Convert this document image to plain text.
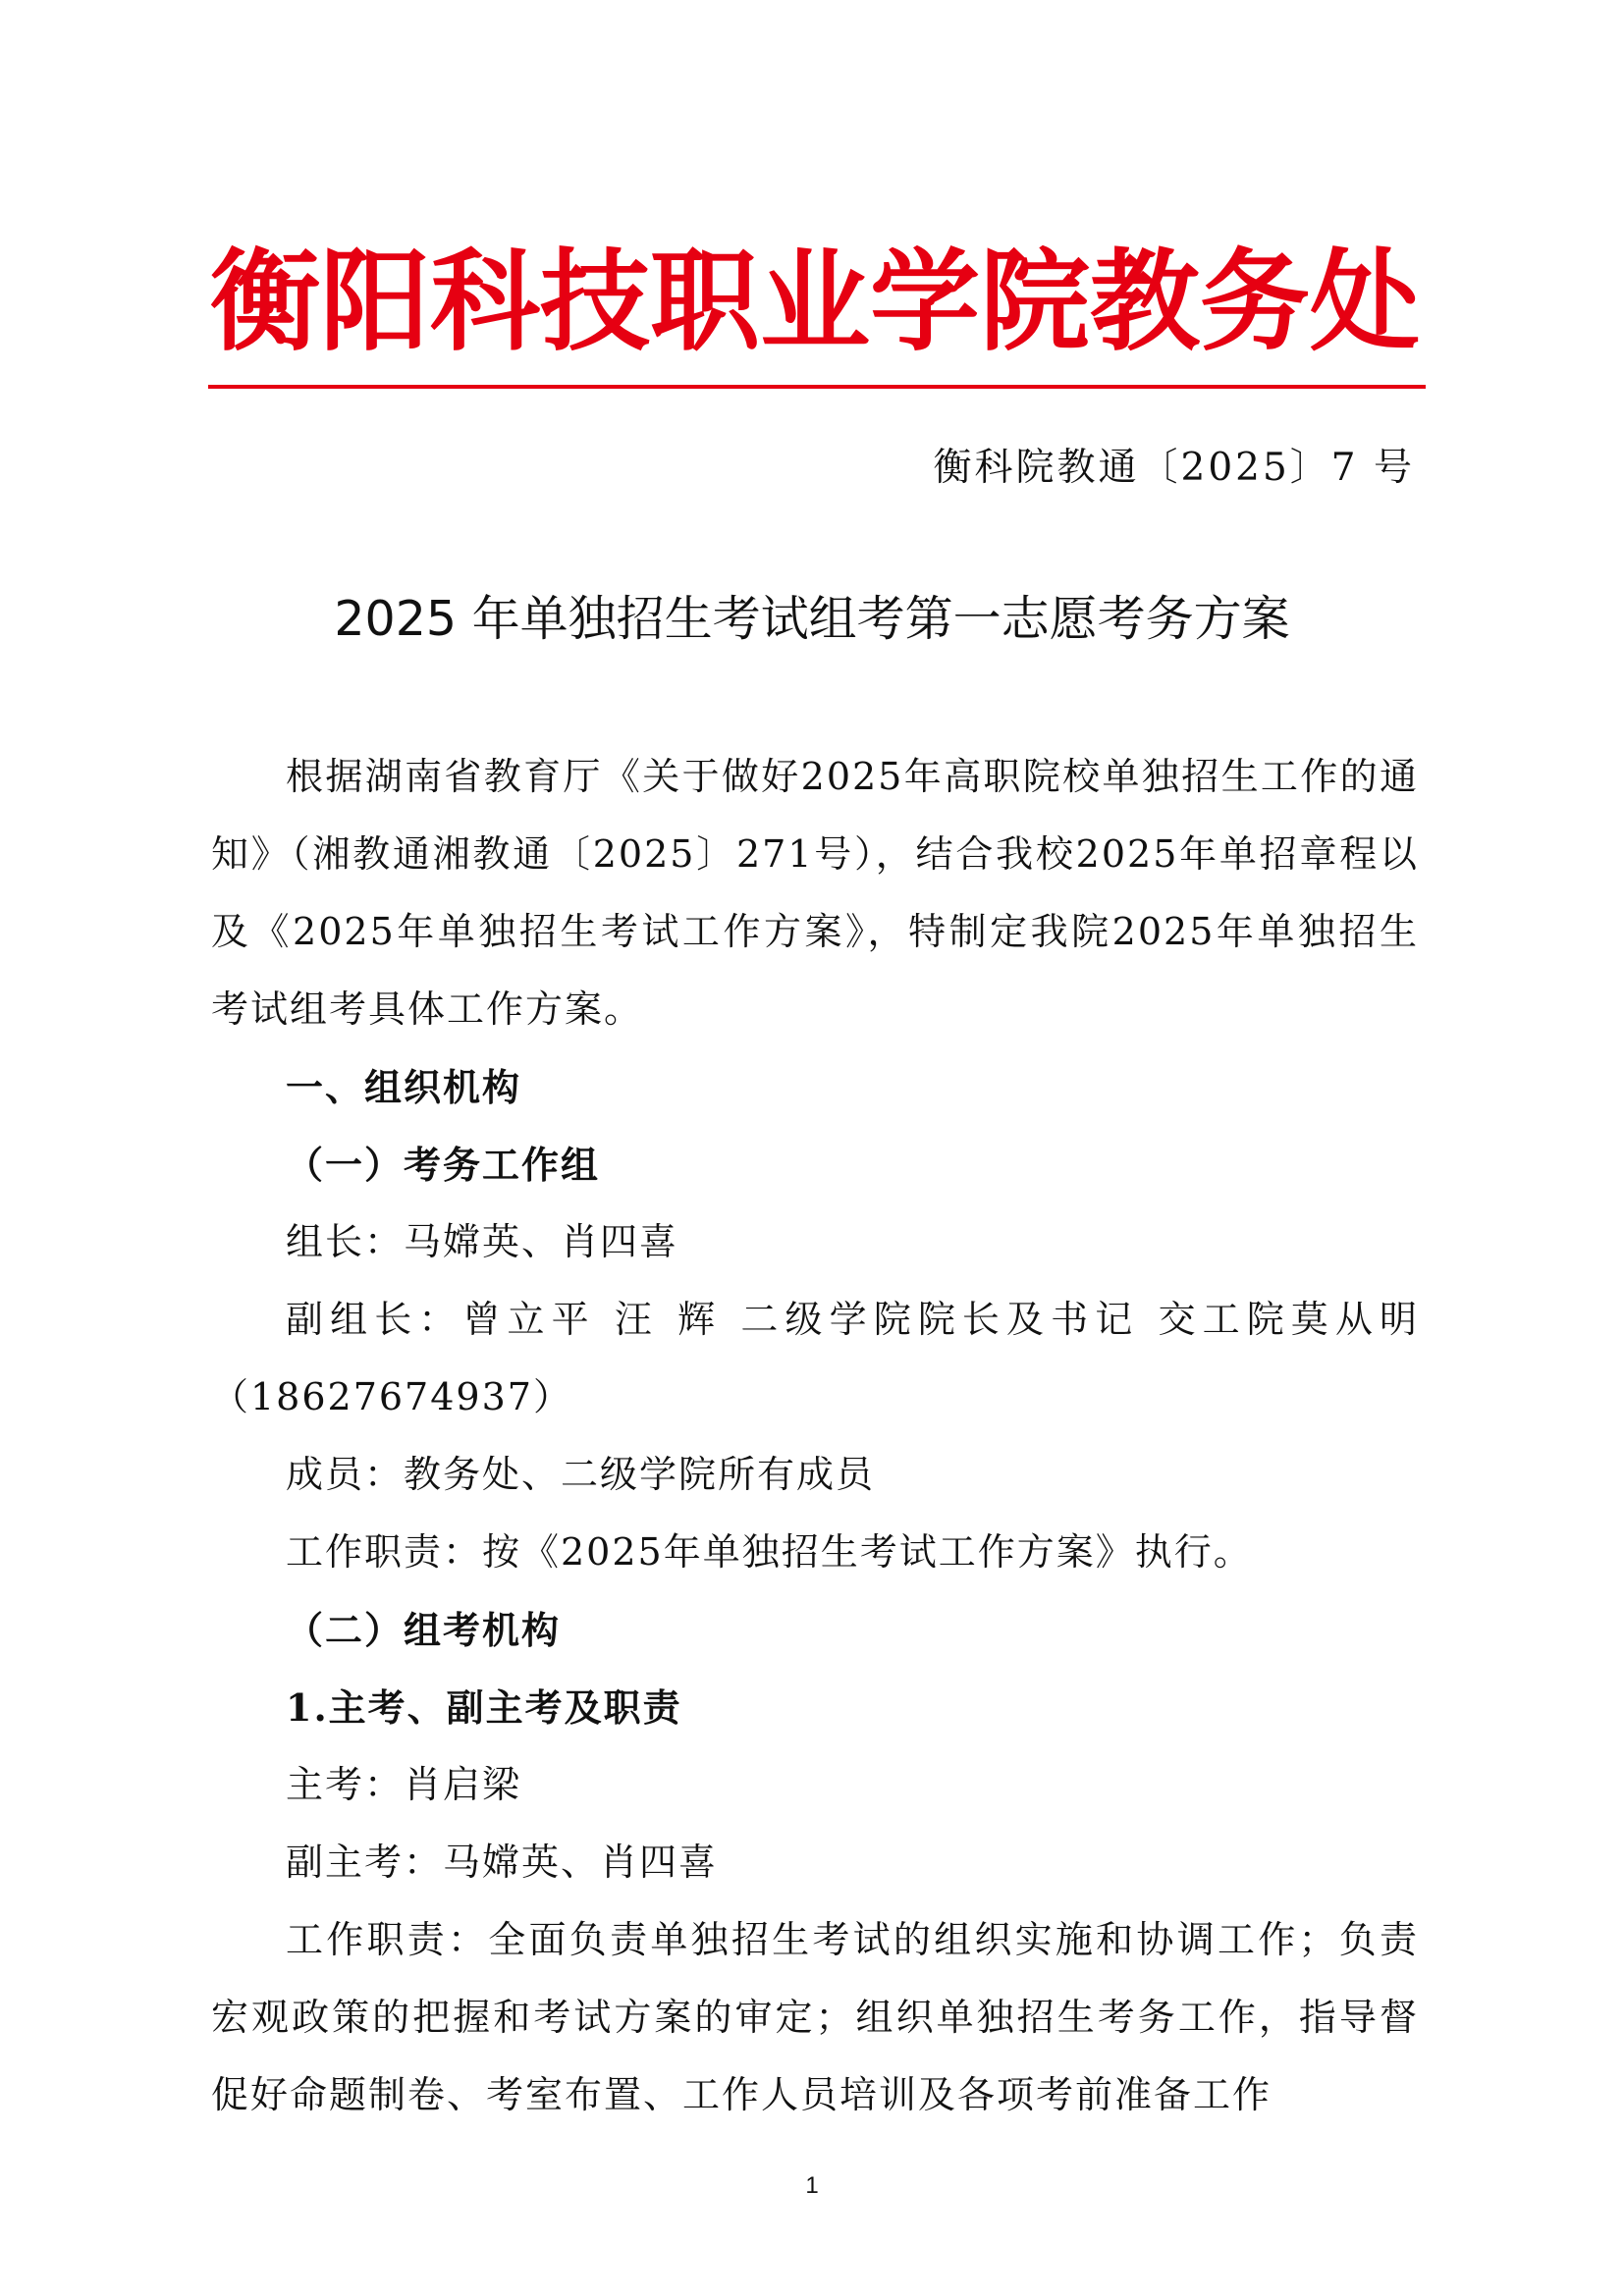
衡阳科技职业学院教务处
衡科院教通〔2025〕7 号
2025 年单独招生考试组考第一志愿考务方案

根据湖南省教育厅《关于做好2025年高职院校单独招生工作的通知》（湘教通湘教通〔2025〕271号），结合我校2025年单招章程以及《2025年单独招生考试工作方案》，特制定我院2025年单独招生考试组考具体工作方案。

一、组织机构

（一）考务工作组

组长：马嫦英、肖四喜

副组长：曾立平 汪 辉 二级学院院长及书记 交工院莫从明（18627674937）

成员：教务处、二级学院所有成员

工作职责：按《2025年单独招生考试工作方案》执行。

（二）组考机构

1.主考、副主考及职责

主考：肖启梁

副主考：马嫦英、肖四喜

工作职责：全面负责单独招生考试的组织实施和协调工作；负责宏观政策的把握和考试方案的审定；组织单独招生考务工作，指导督促好命题制卷、考室布置、工作人员培训及各项考前准备工作

1
